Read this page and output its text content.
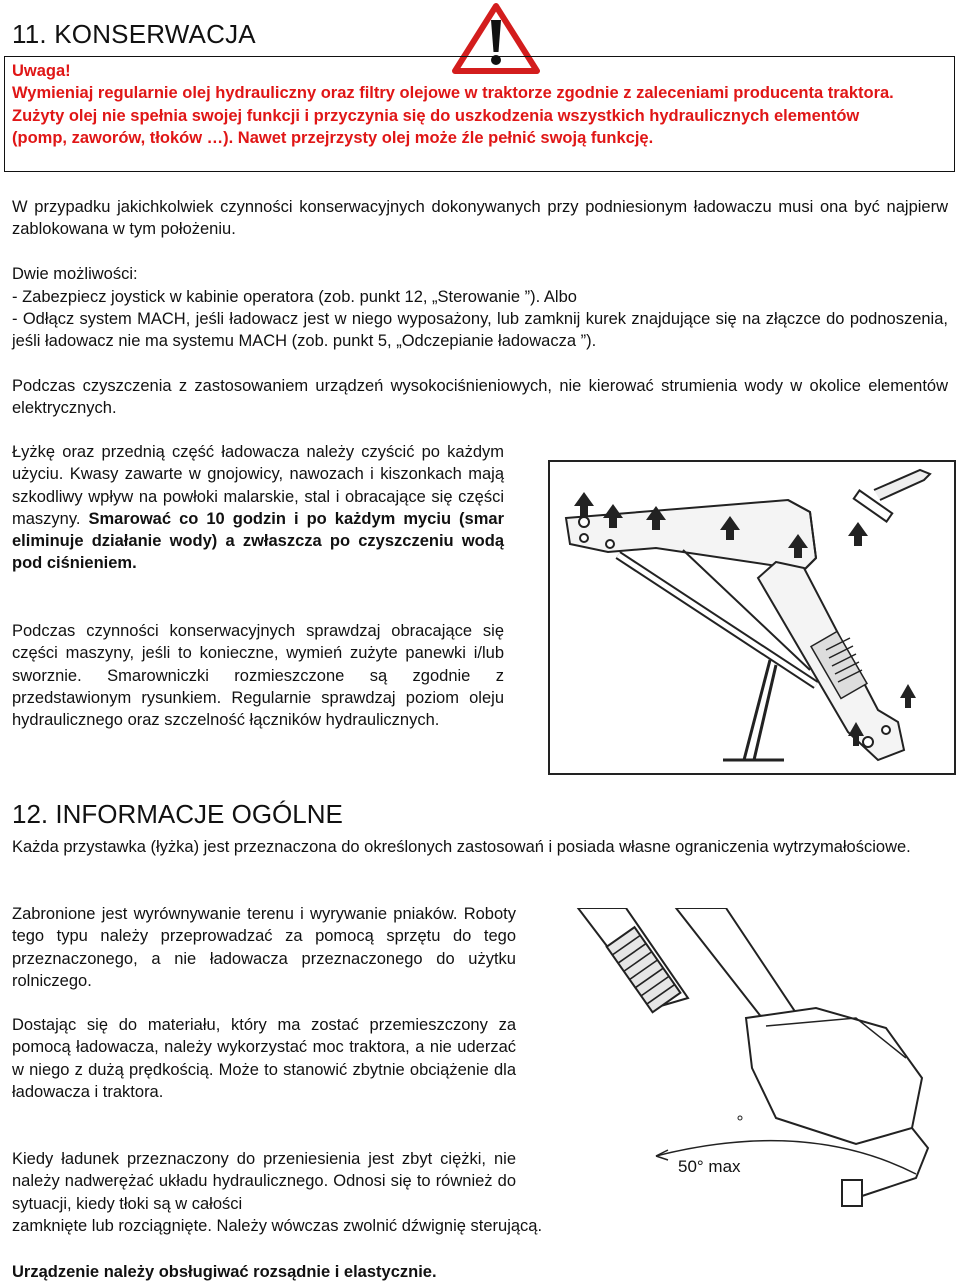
11. KONSERWACJA

Uwaga!

Wymieniaj regularnie olej hydrauliczny oraz filtry olejowe w traktorze zgodnie z zaleceniami producenta traktora. Zużyty olej nie spełnia swojej funkcji i przyczynia się do uszkodzenia wszystkich hydraulicznych elementów (pomp, zaworów, tłoków …). Nawet przejrzysty olej może źle pełnić swoją funkcję.

W przypadku jakichkolwiek czynności konserwacyjnych dokonywanych przy podniesionym ładowaczu musi ona być najpierw zablokowana w tym położeniu.

Dwie możliwości:

- Zabezpiecz joystick w kabinie operatora (zob. punkt 12, „Sterowanie ”). Albo

- Odłącz system MACH, jeśli ładowacz jest w niego wyposażony, lub zamknij kurek znajdujące się na złączce do podnoszenia, jeśli ładowacz nie ma systemu MACH (zob. punkt 5, „Odczepianie ładowacza ”).

Podczas czyszczenia z zastosowaniem urządzeń wysokociśnieniowych, nie kierować strumienia wody w okolice elementów elektrycznych.

Łyżkę oraz przednią część ładowacza należy czyścić po każdym użyciu. Kwasy zawarte w gnojowicy, nawozach i kiszonkach mają szkodliwy wpływ na powłoki malarskie, stal i obracające się części maszyny. Smarować co 10 godzin i po każdym myciu (smar eliminuje działanie wody) a zwłaszcza po czyszczeniu wodą pod ciśnieniem.

Podczas czynności konserwacyjnych sprawdzaj obracające się części maszyny, jeśli to konieczne, wymień zużyte panewki i/lub sworznie. Smarowniczki rozmieszczone są zgodnie z przedstawionym rysunkiem. Regularnie sprawdzaj poziom oleju hydraulicznego oraz szczelność łączników hydraulicznych.

12. INFORMACJE OGÓLNE

Każda przystawka (łyżka) jest przeznaczona do określonych zastosowań i posiada własne ograniczenia wytrzymałościowe.

Zabronione jest wyrównywanie terenu i wyrywanie pniaków. Roboty tego typu należy przeprowadzać za pomocą sprzętu do tego przeznaczonego, a nie ładowacza przeznaczonego do użytku rolniczego.

Dostając się do materiału, który ma zostać przemieszczony za pomocą ładowacza, należy wykorzystać moc traktora, a nie uderzać w niego z dużą prędkością. Może to stanowić zbytnie obciążenie dla ładowacza i traktora.

Kiedy ładunek przeznaczony do przeniesienia jest zbyt ciężki, nie należy nadwerężać układu hydraulicznego. Odnosi się to również do sytuacji, kiedy tłoki są w całości

zamknięte lub rozciągnięte. Należy wówczas zwolnić dźwignię sterującą.

Urządzenie należy obsługiwać rozsądnie i elastycznie.

50° max
